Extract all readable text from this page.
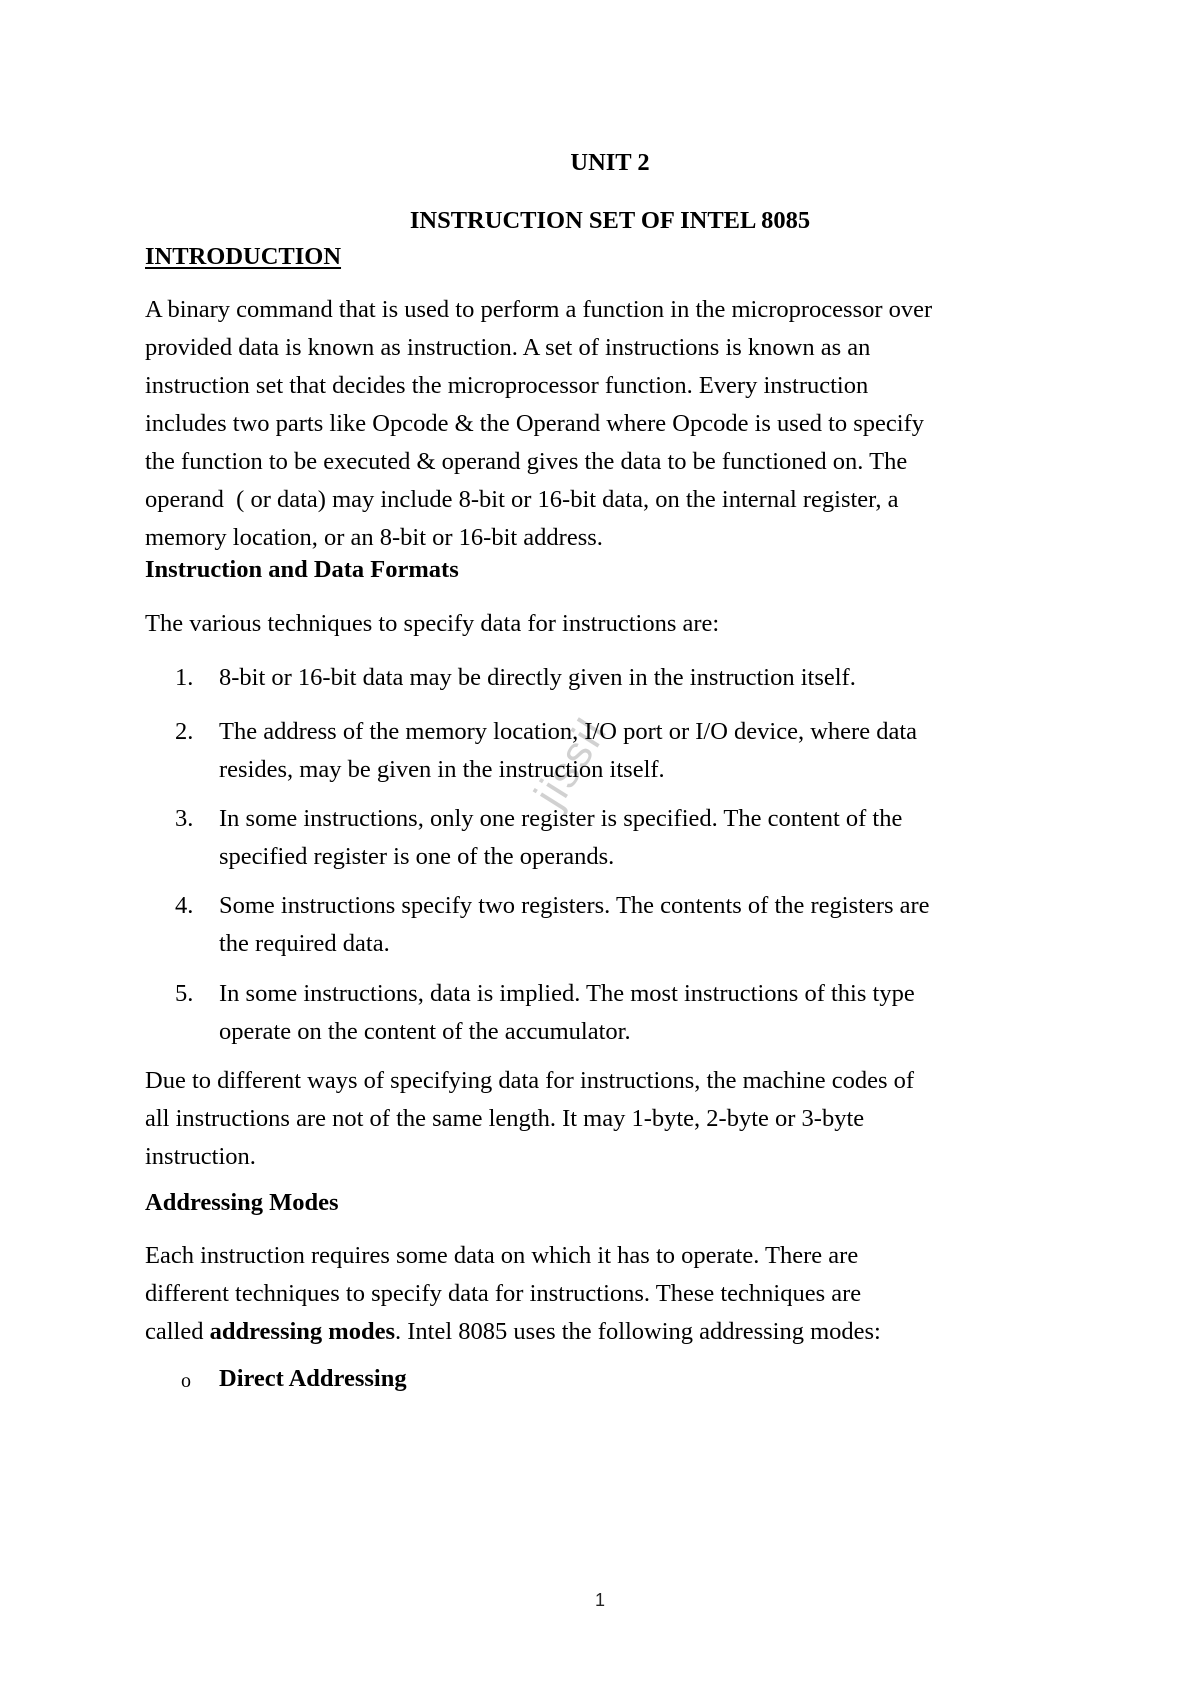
jissil
UNIT 2
INSTRUCTION SET OF INTEL 8085
INTRODUCTION
A binary command that is used to perform a function in the microprocessor over
provided data is known as instruction. A set of instructions is known as an
instruction set that decides the microprocessor function. Every instruction
includes two parts like Opcode & the Operand where Opcode is used to specify
the function to be executed & operand gives the data to be functioned on. The
operand  ( or data) may include 8-bit or 16-bit data, on the internal register, a
memory location, or an 8-bit or 16-bit address.
Instruction and Data Formats
The various techniques to specify data for instructions are:
1.	8-bit or 16-bit data may be directly given in the instruction itself.
2.	The address of the memory location, I/O port or I/O device, where data
resides, may be given in the instruction itself.
3.	In some instructions, only one register is specified. The content of the
specified register is one of the operands.
4.	Some instructions specify two registers. The contents of the registers are
the required data.
5.	In some instructions, data is implied. The most instructions of this type
operate on the content of the accumulator.
Due to different ways of specifying data for instructions, the machine codes of
all instructions are not of the same length. It may 1-byte, 2-byte or 3-byte
instruction.
Addressing Modes
Each instruction requires some data on which it has to operate. There are
different techniques to specify data for instructions. These techniques are
called addressing modes. Intel 8085 uses the following addressing modes:
o Direct Addressing
1
